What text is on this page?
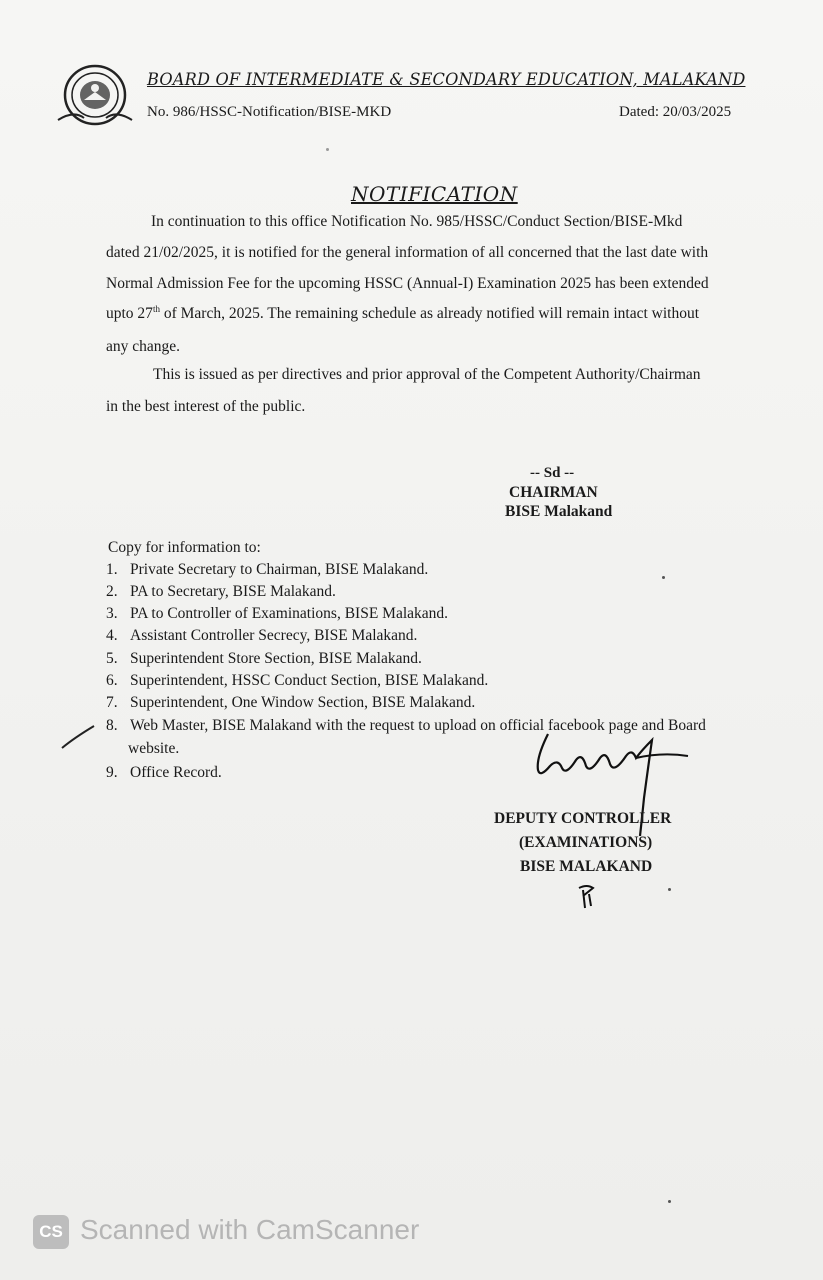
BOARD OF INTERMEDIATE & SECONDARY EDUCATION, MALAKAND
No. 986/HSSC-Notification/BISE-MKD	Dated: 20/03/2025
NOTIFICATION
In continuation to this office Notification No. 985/HSSC/Conduct Section/BISE-Mkd
dated 21/02/2025, it is notified for the general information of all concerned that the last date with
Normal Admission Fee for the upcoming HSSC (Annual-I) Examination 2025 has been extended
upto 27th of March, 2025. The remaining schedule as already notified will remain intact without
any change.
This is issued as per directives and prior approval of the Competent Authority/Chairman
in the best interest of the public.
-- Sd --
CHAIRMAN
BISE Malakand
Copy for information to:
1. Private Secretary to Chairman, BISE Malakand.
2. PA to Secretary, BISE Malakand.
3. PA to Controller of Examinations, BISE Malakand.
4. Assistant Controller Secrecy, BISE Malakand.
5. Superintendent Store Section, BISE Malakand.
6. Superintendent, HSSC Conduct Section, BISE Malakand.
7. Superintendent, One Window Section, BISE Malakand.
8. Web Master, BISE Malakand with the request to upload on official facebook page and Board
website.
9. Office Record.
DEPUTY CONTROLLER
(EXAMINATIONS)
BISE MALAKAND
CS Scanned with CamScanner
